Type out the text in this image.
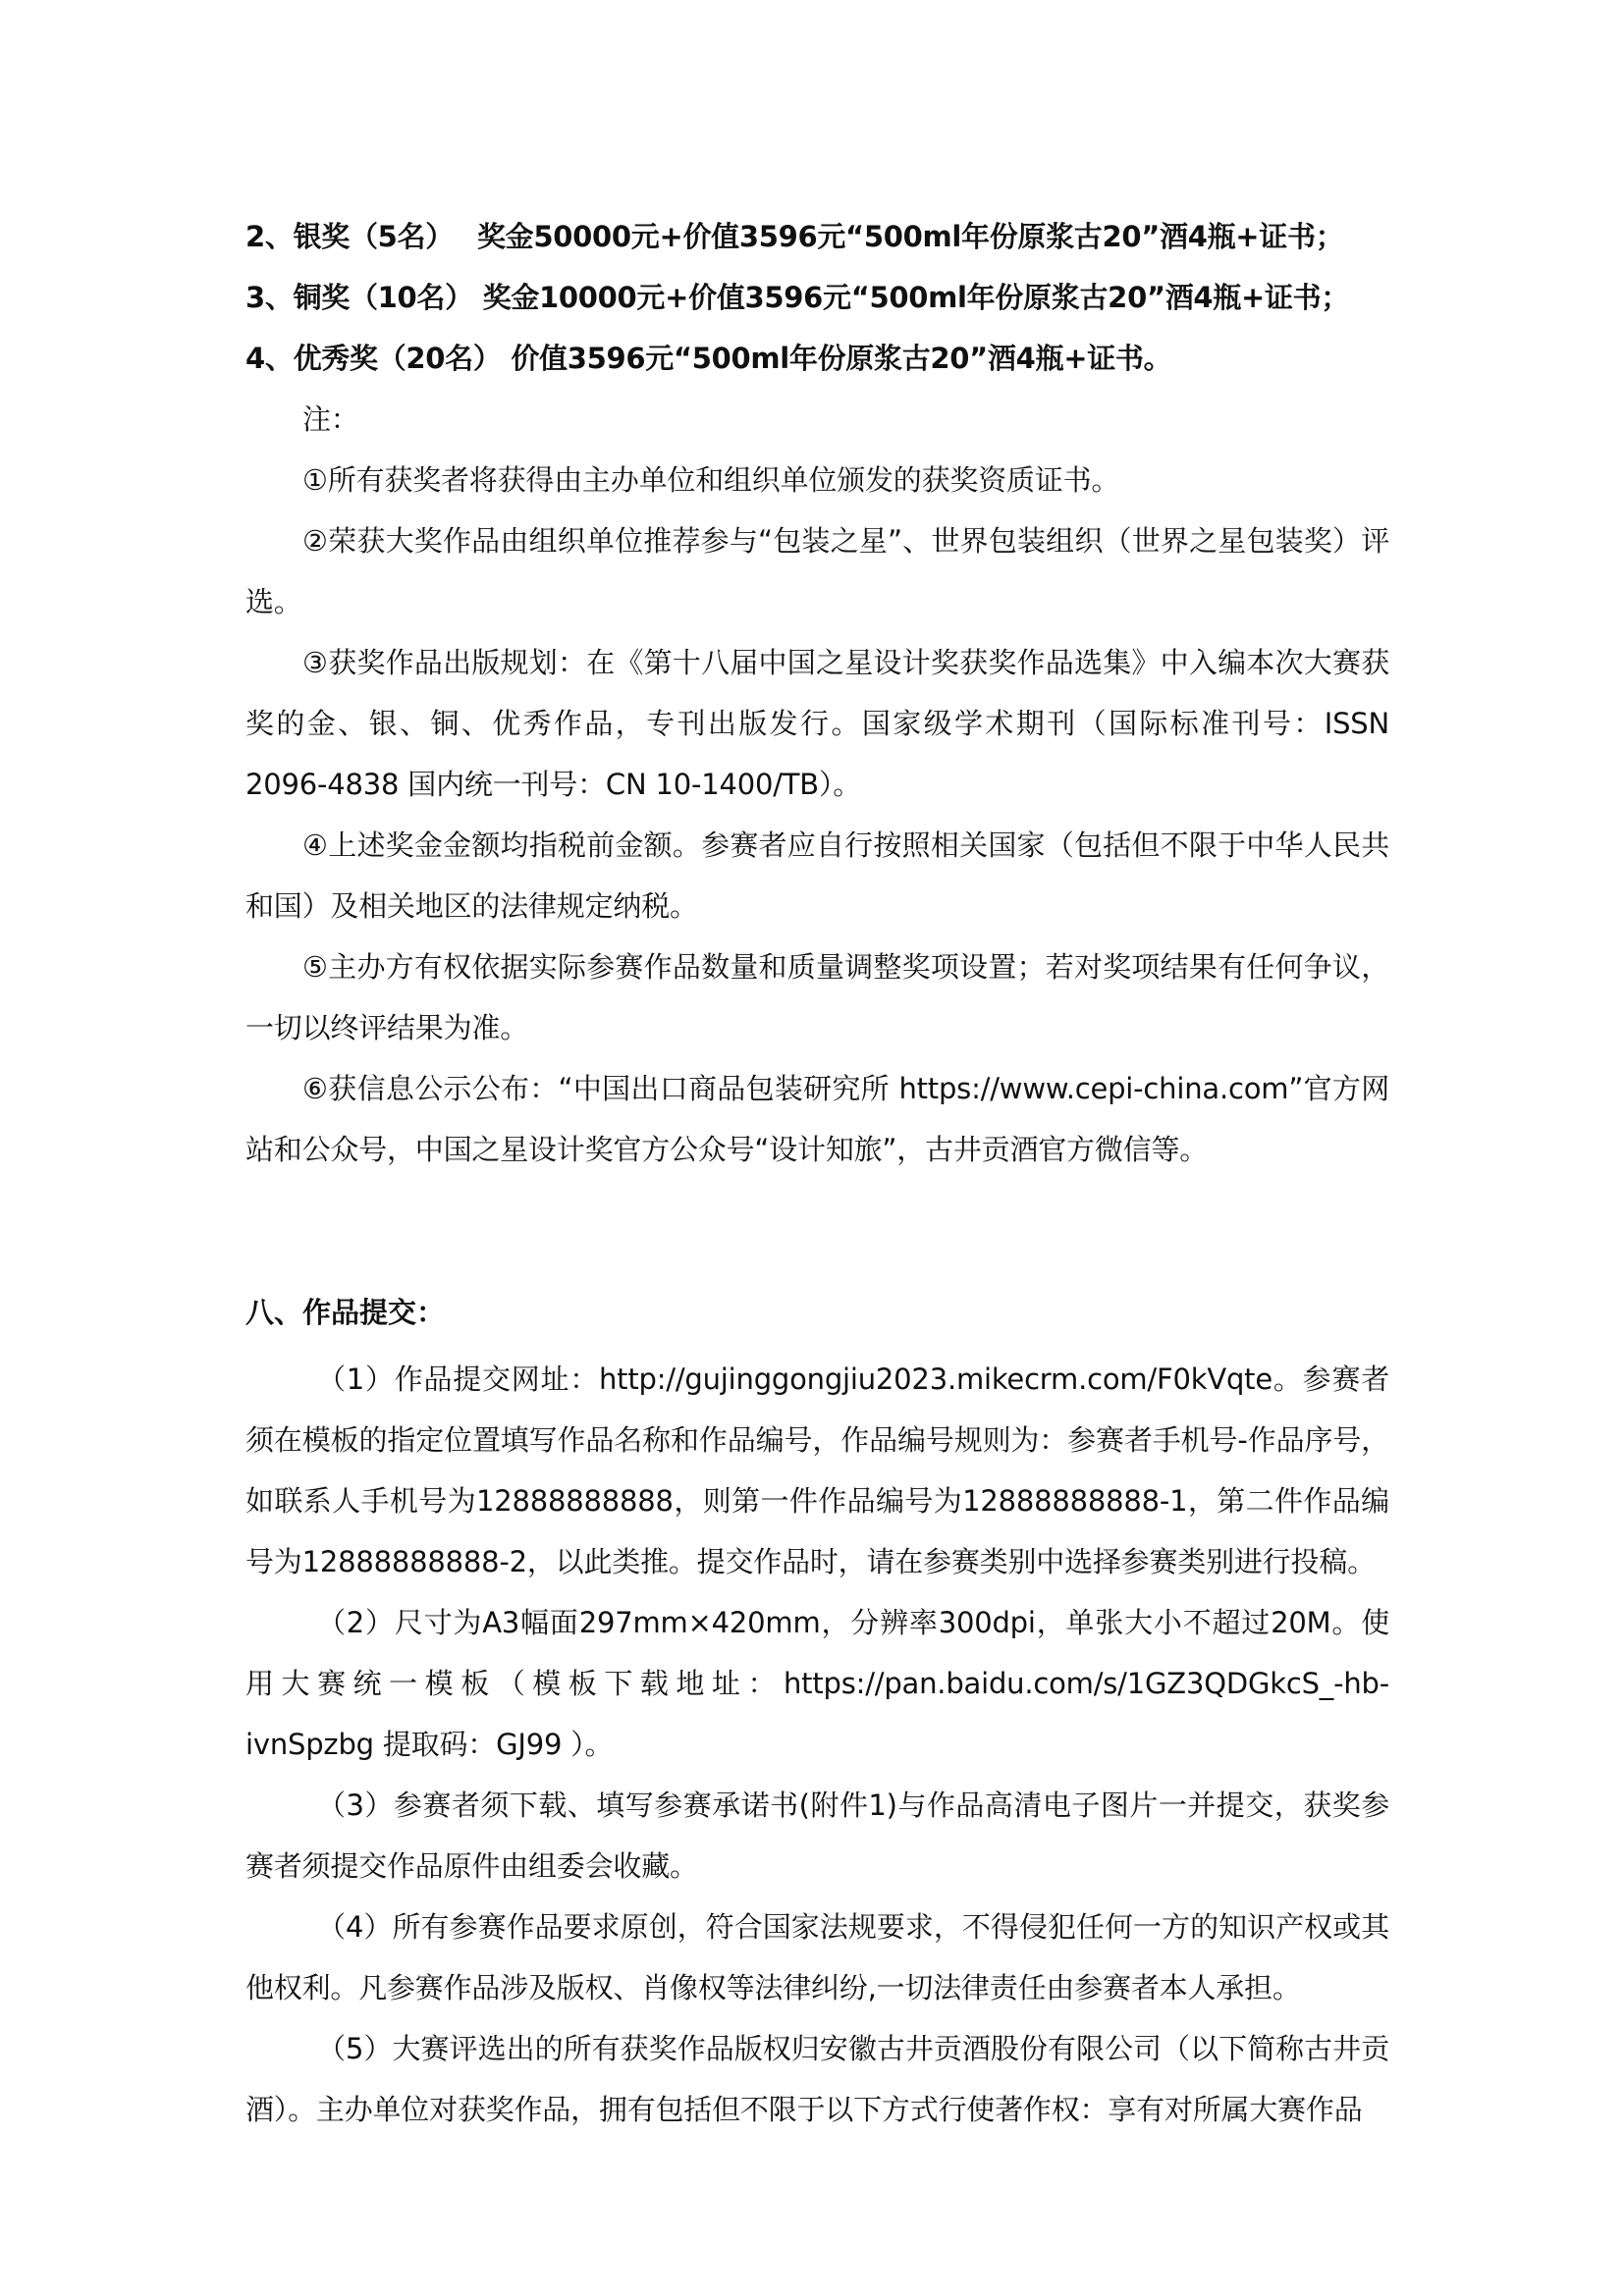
2、银奖（5名）　 奖金50000元+价值3596元“500ml年份原浆古20”酒4瓶+证书；

3、铜奖（10名） 奖金10000元+价值3596元“500ml年份原浆古20”酒4瓶+证书；

4、优秀奖（20名） 价值3596元“500ml年份原浆古20”酒4瓶+证书。

注：

①所有获奖者将获得由主办单位和组织单位颁发的获奖资质证书。

②荣获大奖作品由组织单位推荐参与“包装之星”、世界包装组织（世界之星包装奖）评选。

③获奖作品出版规划：在《第十八届中国之星设计奖获奖作品选集》中入编本次大赛获奖的金、银、铜、优秀作品，专刊出版发行。国家级学术期刊（国际标准刊号：ISSN 2096-4838 国内统一刊号：CN 10-1400/TB）。

④上述奖金金额均指税前金额。参赛者应自行按照相关国家（包括但不限于中华人民共和国）及相关地区的法律规定纳税。

⑤主办方有权依据实际参赛作品数量和质量调整奖项设置；若对奖项结果有任何争议，一切以终评结果为准。

⑥获信息公示公布：“中国出口商品包装研究所 https://www.cepi-china.com”官方网站和公众号，中国之星设计奖官方公众号“设计知旅”，古井贡酒官方微信等。

八、作品提交：

（1）作品提交网址：http://gujinggongjiu2023.mikecrm.com/F0kVqte。参赛者须在模板的指定位置填写作品名称和作品编号，作品编号规则为：参赛者手机号-作品序号，如联系人手机号为12888888888，则第一件作品编号为12888888888-1，第二件作品编号为12888888888-2，以此类推。提交作品时，请在参赛类别中选择参赛类别进行投稿。

（2）尺寸为A3幅面297mm×420mm，分辨率300dpi，单张大小不超过20M。使用大赛统一模板（模板下载地址：https://pan.baidu.com/s/1GZ3QDGkcS_-hb-ivnSpzbg 提取码：GJ99 ）。

（3）参赛者须下载、填写参赛承诺书(附件1)与作品高清电子图片一并提交，获奖参赛者须提交作品原件由组委会收藏。

（4）所有参赛作品要求原创，符合国家法规要求，不得侵犯任何一方的知识产权或其他权利。凡参赛作品涉及版权、肖像权等法律纠纷,一切法律责任由参赛者本人承担。

（5）大赛评选出的所有获奖作品版权归安徽古井贡酒股份有限公司（以下简称古井贡酒）。主办单位对获奖作品，拥有包括但不限于以下方式行使著作权：享有对所属大赛作品
